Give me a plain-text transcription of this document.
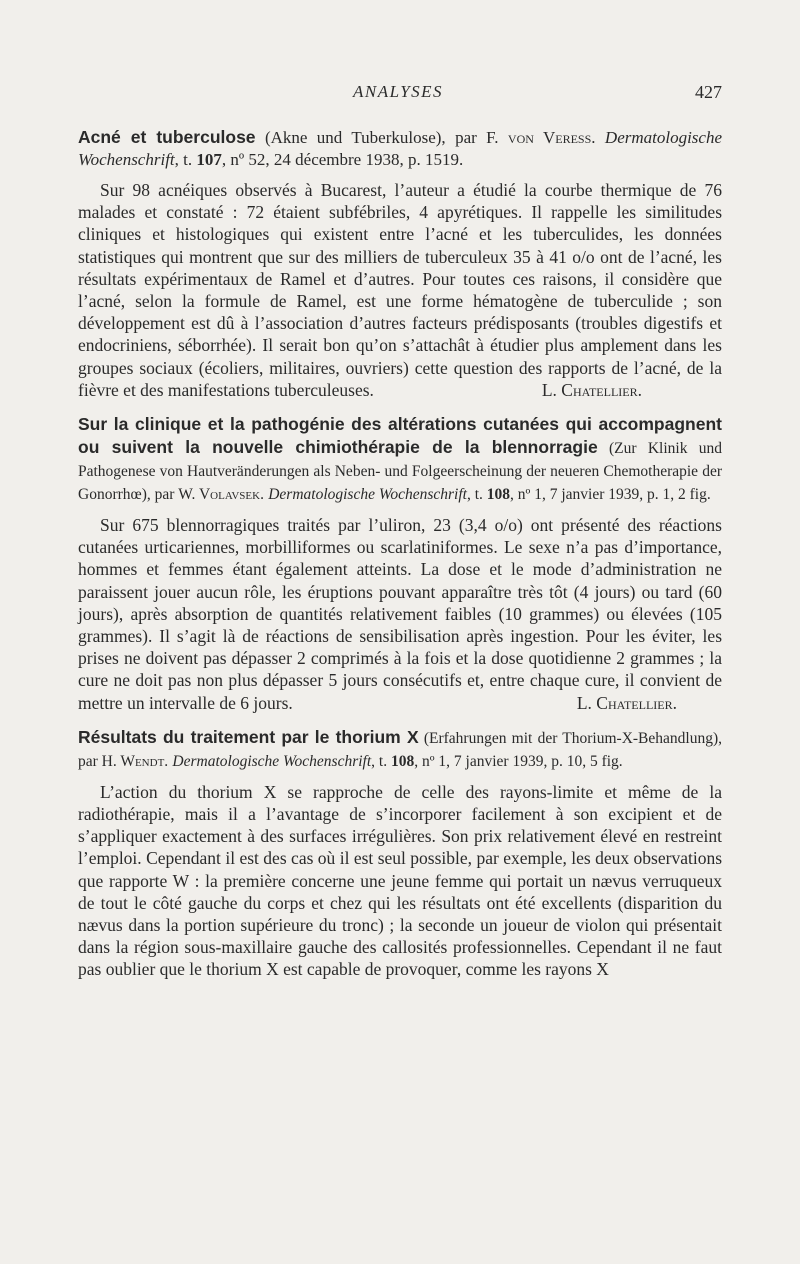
ANALYSES	427

Acné et tuberculose (Akne und Tuberkulose), par F. von Veress. Dermatologische Wochenschrift, t. 107, nº 52, 24 décembre 1938, p. 1519.

Sur 98 acnéiques observés à Bucarest, l’auteur a étudié la courbe thermique de 76 malades et constaté : 72 étaient subfébriles, 4 apyrétiques. Il rappelle les similitudes cliniques et histologiques qui existent entre l’acné et les tuberculides, les données statistiques qui montrent que sur des milliers de tuberculeux 35 à 41 o/o ont de l’acné, les résultats expérimentaux de Ramel et d’autres. Pour toutes ces raisons, il considère que l’acné, selon la formule de Ramel, est une forme hématogène de tuberculide ; son développement est dû à l’association d’autres facteurs prédisposants (troubles digestifs et endocriniens, séborrhée). Il serait bon qu’on s’attachât à étudier plus amplement dans les groupes sociaux (écoliers, militaires, ouvriers) cette question des rapports de l’acné, de la fièvre et des manifestations tuberculeuses.	L. Chatellier.

Sur la clinique et la pathogénie des altérations cutanées qui accompagnent ou suivent la nouvelle chimiothérapie de la blennorragie (Zur Klinik und Pathogenese von Hautveränderungen als Neben- und Folgeerscheinung der neueren Chemotherapie der Gonorrhœ), par W. Volavsek. Dermatologische Wochenschrift, t. 108, nº 1, 7 janvier 1939, p. 1, 2 fig.

Sur 675 blennorragiques traités par l’uliron, 23 (3,4 o/o) ont présenté des réactions cutanées urticariennes, morbilliformes ou scarlatiniformes. Le sexe n’a pas d’importance, hommes et femmes étant également atteints. La dose et le mode d’administration ne paraissent jouer aucun rôle, les éruptions pouvant apparaître très tôt (4 jours) ou tard (60 jours), après absorption de quantités relativement faibles (10 grammes) ou élevées (105 grammes). Il s’agit là de réactions de sensibilisation après ingestion. Pour les éviter, les prises ne doivent pas dépasser 2 comprimés à la fois et la dose quotidienne 2 grammes ; la cure ne doit pas non plus dépasser 5 jours consécutifs et, entre chaque cure, il convient de mettre un intervalle de 6 jours.	L. Chatellier.

Résultats du traitement par le thorium X (Erfahrungen mit der Thorium-X-Behandlung), par H. Wendt. Dermatologische Wochenschrift, t. 108, nº 1, 7 janvier 1939, p. 10, 5 fig.

L’action du thorium X se rapproche de celle des rayons-limite et même de la radiothérapie, mais il a l’avantage de s’incorporer facilement à son excipient et de s’appliquer exactement à des surfaces irrégulières. Son prix relativement élevé en restreint l’emploi. Cependant il est des cas où il est seul possible, par exemple, les deux observations que rapporte W : la première concerne une jeune femme qui portait un nævus verruqueux de tout le côté gauche du corps et chez qui les résultats ont été excellents (disparition du nævus dans la portion supérieure du tronc) ; la seconde un joueur de violon qui présentait dans la région sous-maxillaire gauche des callosités professionnelles. Cependant il ne faut pas oublier que le thorium X est capable de provoquer, comme les rayons X
